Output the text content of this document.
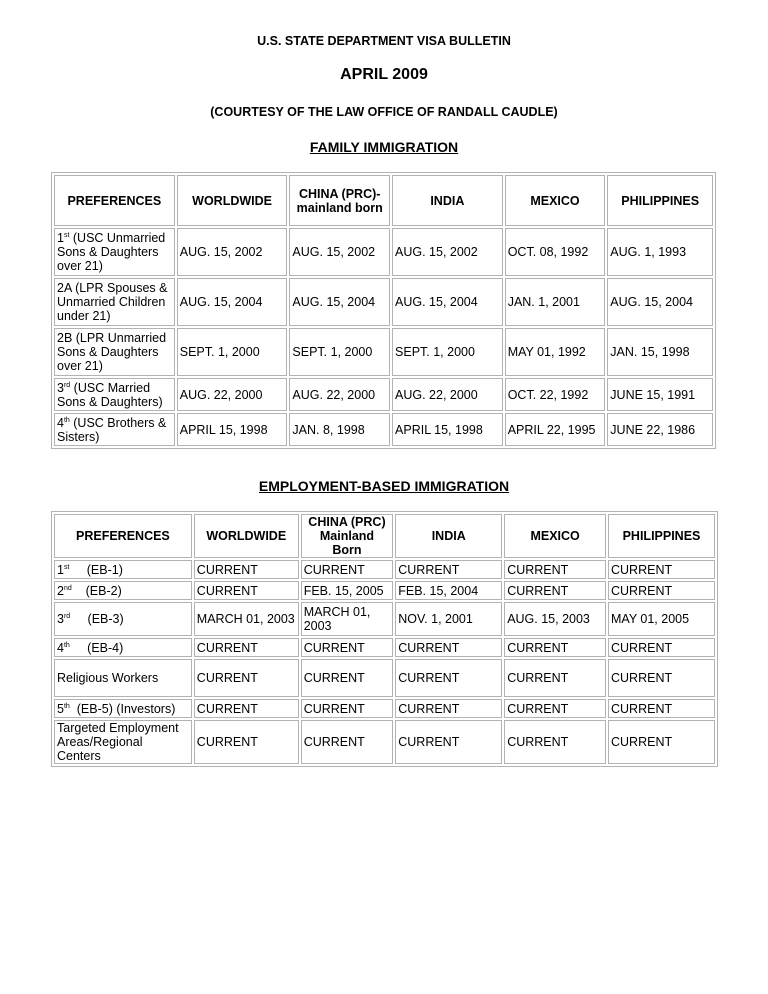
U.S. STATE DEPARTMENT VISA BULLETIN
APRIL 2009
(COURTESY OF THE LAW OFFICE OF RANDALL CAUDLE)
FAMILY IMMIGRATION
PREFERENCES	WORLDWIDE	CHINA (PRC)-mainland born	INDIA	MEXICO	PHILIPPINES
1st (USC Unmarried Sons & Daughters over 21)	AUG. 15, 2002	AUG. 15, 2002	AUG. 15, 2002	OCT. 08, 1992	AUG. 1, 1993
2A (LPR Spouses & Unmarried Children under 21)	AUG. 15, 2004	AUG. 15, 2004	AUG. 15, 2004	JAN. 1, 2001	AUG. 15, 2004
2B (LPR Unmarried Sons & Daughters over 21)	SEPT. 1, 2000	SEPT. 1, 2000	SEPT. 1, 2000	MAY 01, 1992	JAN. 15, 1998
3rd (USC Married Sons & Daughters)	AUG. 22, 2000	AUG. 22, 2000	AUG. 22, 2000	OCT. 22, 1992	JUNE 15, 1991
4th (USC Brothers & Sisters)	APRIL 15, 1998	JAN. 8, 1998	APRIL 15, 1998	APRIL 22, 1995	JUNE 22, 1986
EMPLOYMENT-BASED IMMIGRATION
PREFERENCES	WORLDWIDE	CHINA (PRC) Mainland Born	INDIA	MEXICO	PHILIPPINES
1st     (EB-1)	CURRENT	CURRENT	CURRENT	CURRENT	CURRENT
2nd    (EB-2)	CURRENT	FEB. 15, 2005	FEB. 15, 2004	CURRENT	CURRENT
3rd     (EB-3)	MARCH 01, 2003	MARCH 01, 2003	NOV. 1, 2001	AUG. 15, 2003	MAY 01, 2005
4th     (EB-4)	CURRENT	CURRENT	CURRENT	CURRENT	CURRENT
Religious Workers	CURRENT	CURRENT	CURRENT	CURRENT	CURRENT
5th  (EB-5) (Investors)	CURRENT	CURRENT	CURRENT	CURRENT	CURRENT
Targeted Employment Areas/Regional Centers	CURRENT	CURRENT	CURRENT	CURRENT	CURRENT
